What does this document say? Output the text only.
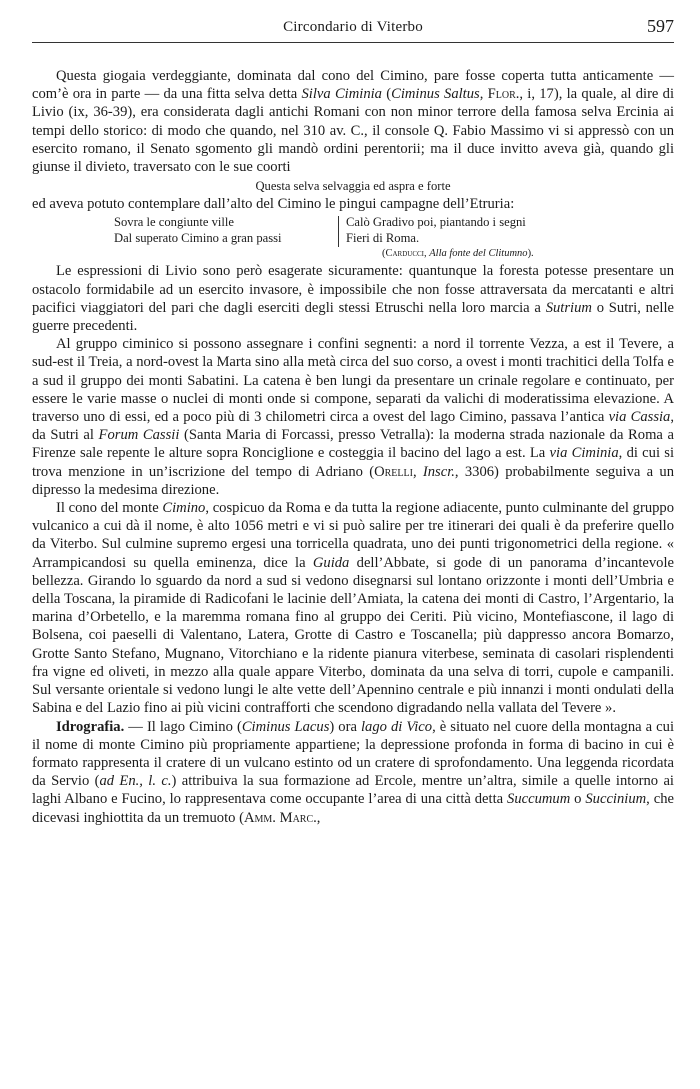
Circondario di Viterbo	597

Questa giogaia verdeggiante, dominata dal cono del Cimino, pare fosse coperta tutta anticamente — com’è ora in parte — da una fitta selva detta Silva Ciminia (Ciminus Saltus, Flor., i, 17), la quale, al dire di Livio (ix, 36-39), era considerata dagli antichi Romani con non minor terrore della famosa selva Ercinia ai tempi dello storico: di modo che quando, nel 310 av. C., il console Q. Fabio Massimo vi si appressò con un esercito romano, il Senato sgomento gli mandò ordini perentorii; ma il duce invitto aveva già, quando gli giunse il divieto, traversato con le sue coorti

Questa selva selvaggia ed aspra e forte

ed aveva potuto contemplare dall’alto del Cimino le pingui campagne dell’Etruria:

Sovra le congiunte ville
Dal superato Cimino a gran passi
Calò Gradivo poi, piantando i segni
Fieri di Roma.
(Carducci, Alla fonte del Clitumno).

Le espressioni di Livio sono però esagerate sicuramente: quantunque la foresta potesse presentare un ostacolo formidabile ad un esercito invasore, è impossibile che non fosse attraversata da mercatanti e altri pacifici viaggiatori del pari che dagli eserciti degli stessi Etruschi nella loro marcia a Sutrium o Sutri, nelle guerre precedenti.

Al gruppo ciminico si possono assegnare i confini segnenti: a nord il torrente Vezza, a est il Tevere, a sud-est il Treia, a nord-ovest la Marta sino alla metà circa del suo corso, a ovest i monti trachitici della Tolfa e a sud il gruppo dei monti Sabatini. La catena è ben lungi da presentare un crinale regolare e continuato, per essere le varie masse o nuclei di monti onde si compone, separati da valichi di moderatissima elevazione. A traverso uno di essi, ed a poco più di 3 chilometri circa a ovest del lago Cimino, passava l’antica via Cassia, da Sutri al Forum Cassii (Santa Maria di Forcassi, presso Vetralla): la moderna strada nazionale da Roma a Firenze sale repente le alture sopra Ronciglione e costeggia il bacino del lago a est. La via Ciminia, di cui si trova menzione in un’iscrizione del tempo di Adriano (Orelli, Inscr., 3306) probabilmente seguiva a un dipresso la medesima direzione.

Il cono del monte Cimino, cospicuo da Roma e da tutta la regione adiacente, punto culminante del gruppo vulcanico a cui dà il nome, è alto 1056 metri e vi si può salire per tre itinerari dei quali è da preferire quello da Viterbo. Sul culmine supremo ergesi una torricella quadrata, uno dei punti trigonometrici della regione. « Arrampicandosi su quella eminenza, dice la Guida dell’Abbate, si gode di un panorama d’incantevole bellezza. Girando lo sguardo da nord a sud si vedono disegnarsi sul lontano orizzonte i monti dell’Umbria e della Toscana, la piramide di Radicofani le lacinie dell’Amiata, la catena dei monti di Castro, l’Argentario, la marina d’Orbetello, e la maremma romana fino al gruppo dei Ceriti. Più vicino, Montefiascone, il lago di Bolsena, coi paeselli di Valentano, Latera, Grotte di Castro e Toscanella; più dappresso ancora Bomarzo, Grotte Santo Stefano, Mugnano, Vitorchiano e la ridente pianura viterbese, seminata di casolari risplendenti fra vigne ed oliveti, in mezzo alla quale appare Viterbo, dominata da una selva di torri, cupole e campanili. Sul versante orientale si vedono lungi le alte vette dell’Apennino centrale e più innanzi i monti ondulati della Sabina e del Lazio fino ai più vicini contrafforti che scendono digradando nella vallata del Tevere ».

Idrografia. — Il lago Cimino (Ciminus Lacus) ora lago di Vico, è situato nel cuore della montagna a cui il nome di monte Cimino più propriamente appartiene; la depressione profonda in forma di bacino in cui è formato rappresenta il cratere di un vulcano estinto od un cratere di sprofondamento. Una leggenda ricordata da Servio (ad En., l. c.) attribuiva la sua formazione ad Ercole, mentre un’altra, simile a quelle intorno ai laghi Albano e Fucino, lo rappresentava come occupante l’area di una città detta Succumum o Succinium, che dicevasi inghiottita da un tremuoto (Amm. Marc.,
